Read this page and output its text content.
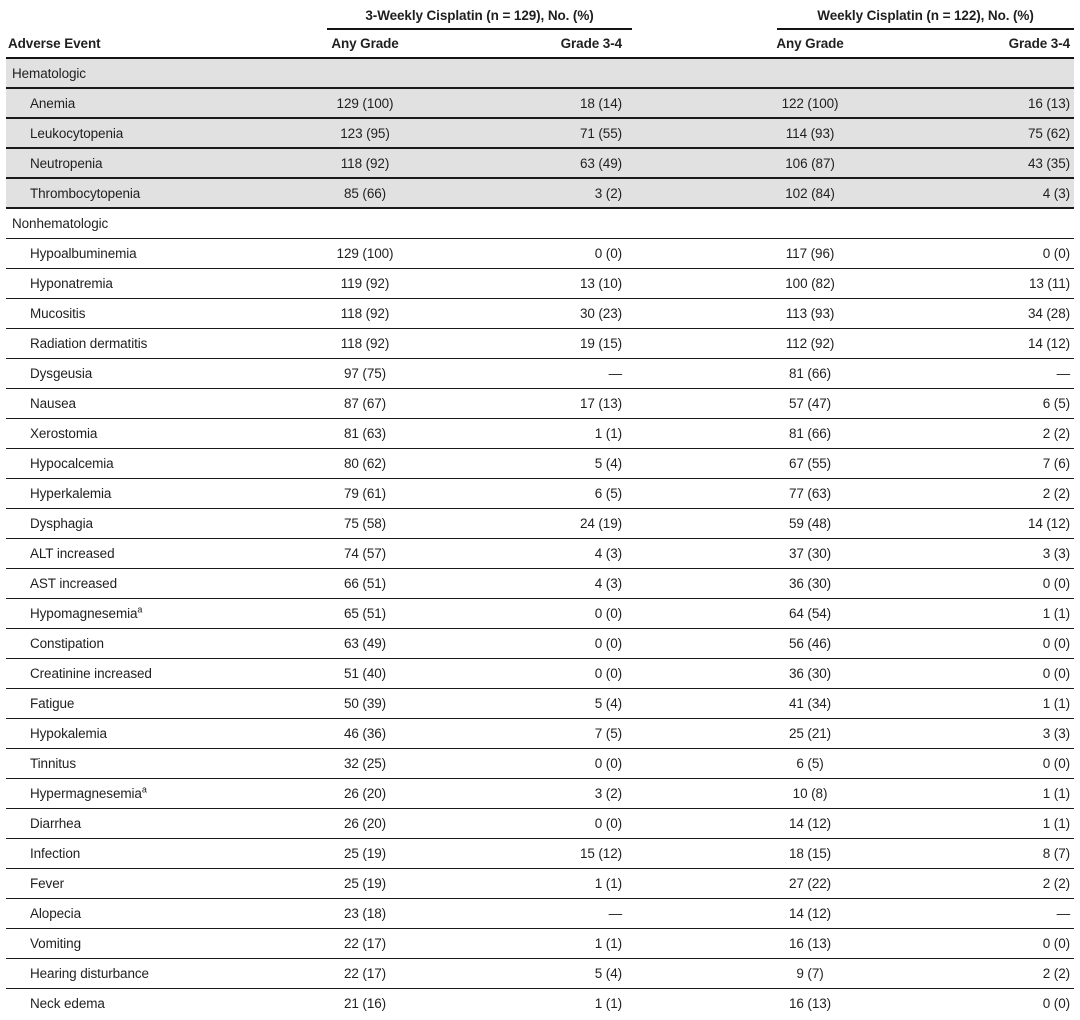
	3-Weekly Cisplatin (n = 129), No. (%)		Weekly Cisplatin (n = 122), No. (%)	

Adverse Event	Any Grade	Grade 3-4	Any Grade	Grade 3-4
Hematologic				
Anemia	129 (100)	18 (14)	122 (100)	16 (13)
Leukocytopenia	123 (95)	71 (55)	114 (93)	75 (62)
Neutropenia	118 (92)	63 (49)	106 (87)	43 (35)
Thrombocytopenia	85 (66)	3 (2)	102 (84)	4 (3)
Nonhematologic				
Hypoalbuminemia	129 (100)	0 (0)	117 (96)	0 (0)
Hyponatremia	119 (92)	13 (10)	100 (82)	13 (11)
Mucositis	118 (92)	30 (23)	113 (93)	34 (28)
Radiation dermatitis	118 (92)	19 (15)	112 (92)	14 (12)
Dysgeusia	97 (75)	—	81 (66)	—
Nausea	87 (67)	17 (13)	57 (47)	6 (5)
Xerostomia	81 (63)	1 (1)	81 (66)	2 (2)
Hypocalcemia	80 (62)	5 (4)	67 (55)	7 (6)
Hyperkalemia	79 (61)	6 (5)	77 (63)	2 (2)
Dysphagia	75 (58)	24 (19)	59 (48)	14 (12)
ALT increased	74 (57)	4 (3)	37 (30)	3 (3)
AST increased	66 (51)	4 (3)	36 (30)	0 (0)
Hypomagnesemia$^a$	65 (51)	0 (0)	64 (54)	1 (1)
Constipation	63 (49)	0 (0)	56 (46)	0 (0)
Creatinine increased	51 (40)	0 (0)	36 (30)	0 (0)
Fatigue	50 (39)	5 (4)	41 (34)	1 (1)
Hypokalemia	46 (36)	7 (5)	25 (21)	3 (3)
Tinnitus	32 (25)	0 (0)	6 (5)	0 (0)
Hypermagnesemia$^a$	26 (20)	3 (2)	10 (8)	1 (1)
Diarrhea	26 (20)	0 (0)	14 (12)	1 (1)
Infection	25 (19)	15 (12)	18 (15)	8 (7)
Fever	25 (19)	1 (1)	27 (22)	2 (2)
Alopecia	23 (18)	—	14 (12)	—
Vomiting	22 (17)	1 (1)	16 (13)	0 (0)
Hearing disturbance	22 (17)	5 (4)	9 (7)	2 (2)
Neck edema	21 (16)	1 (1)	16 (13)	0 (0)
